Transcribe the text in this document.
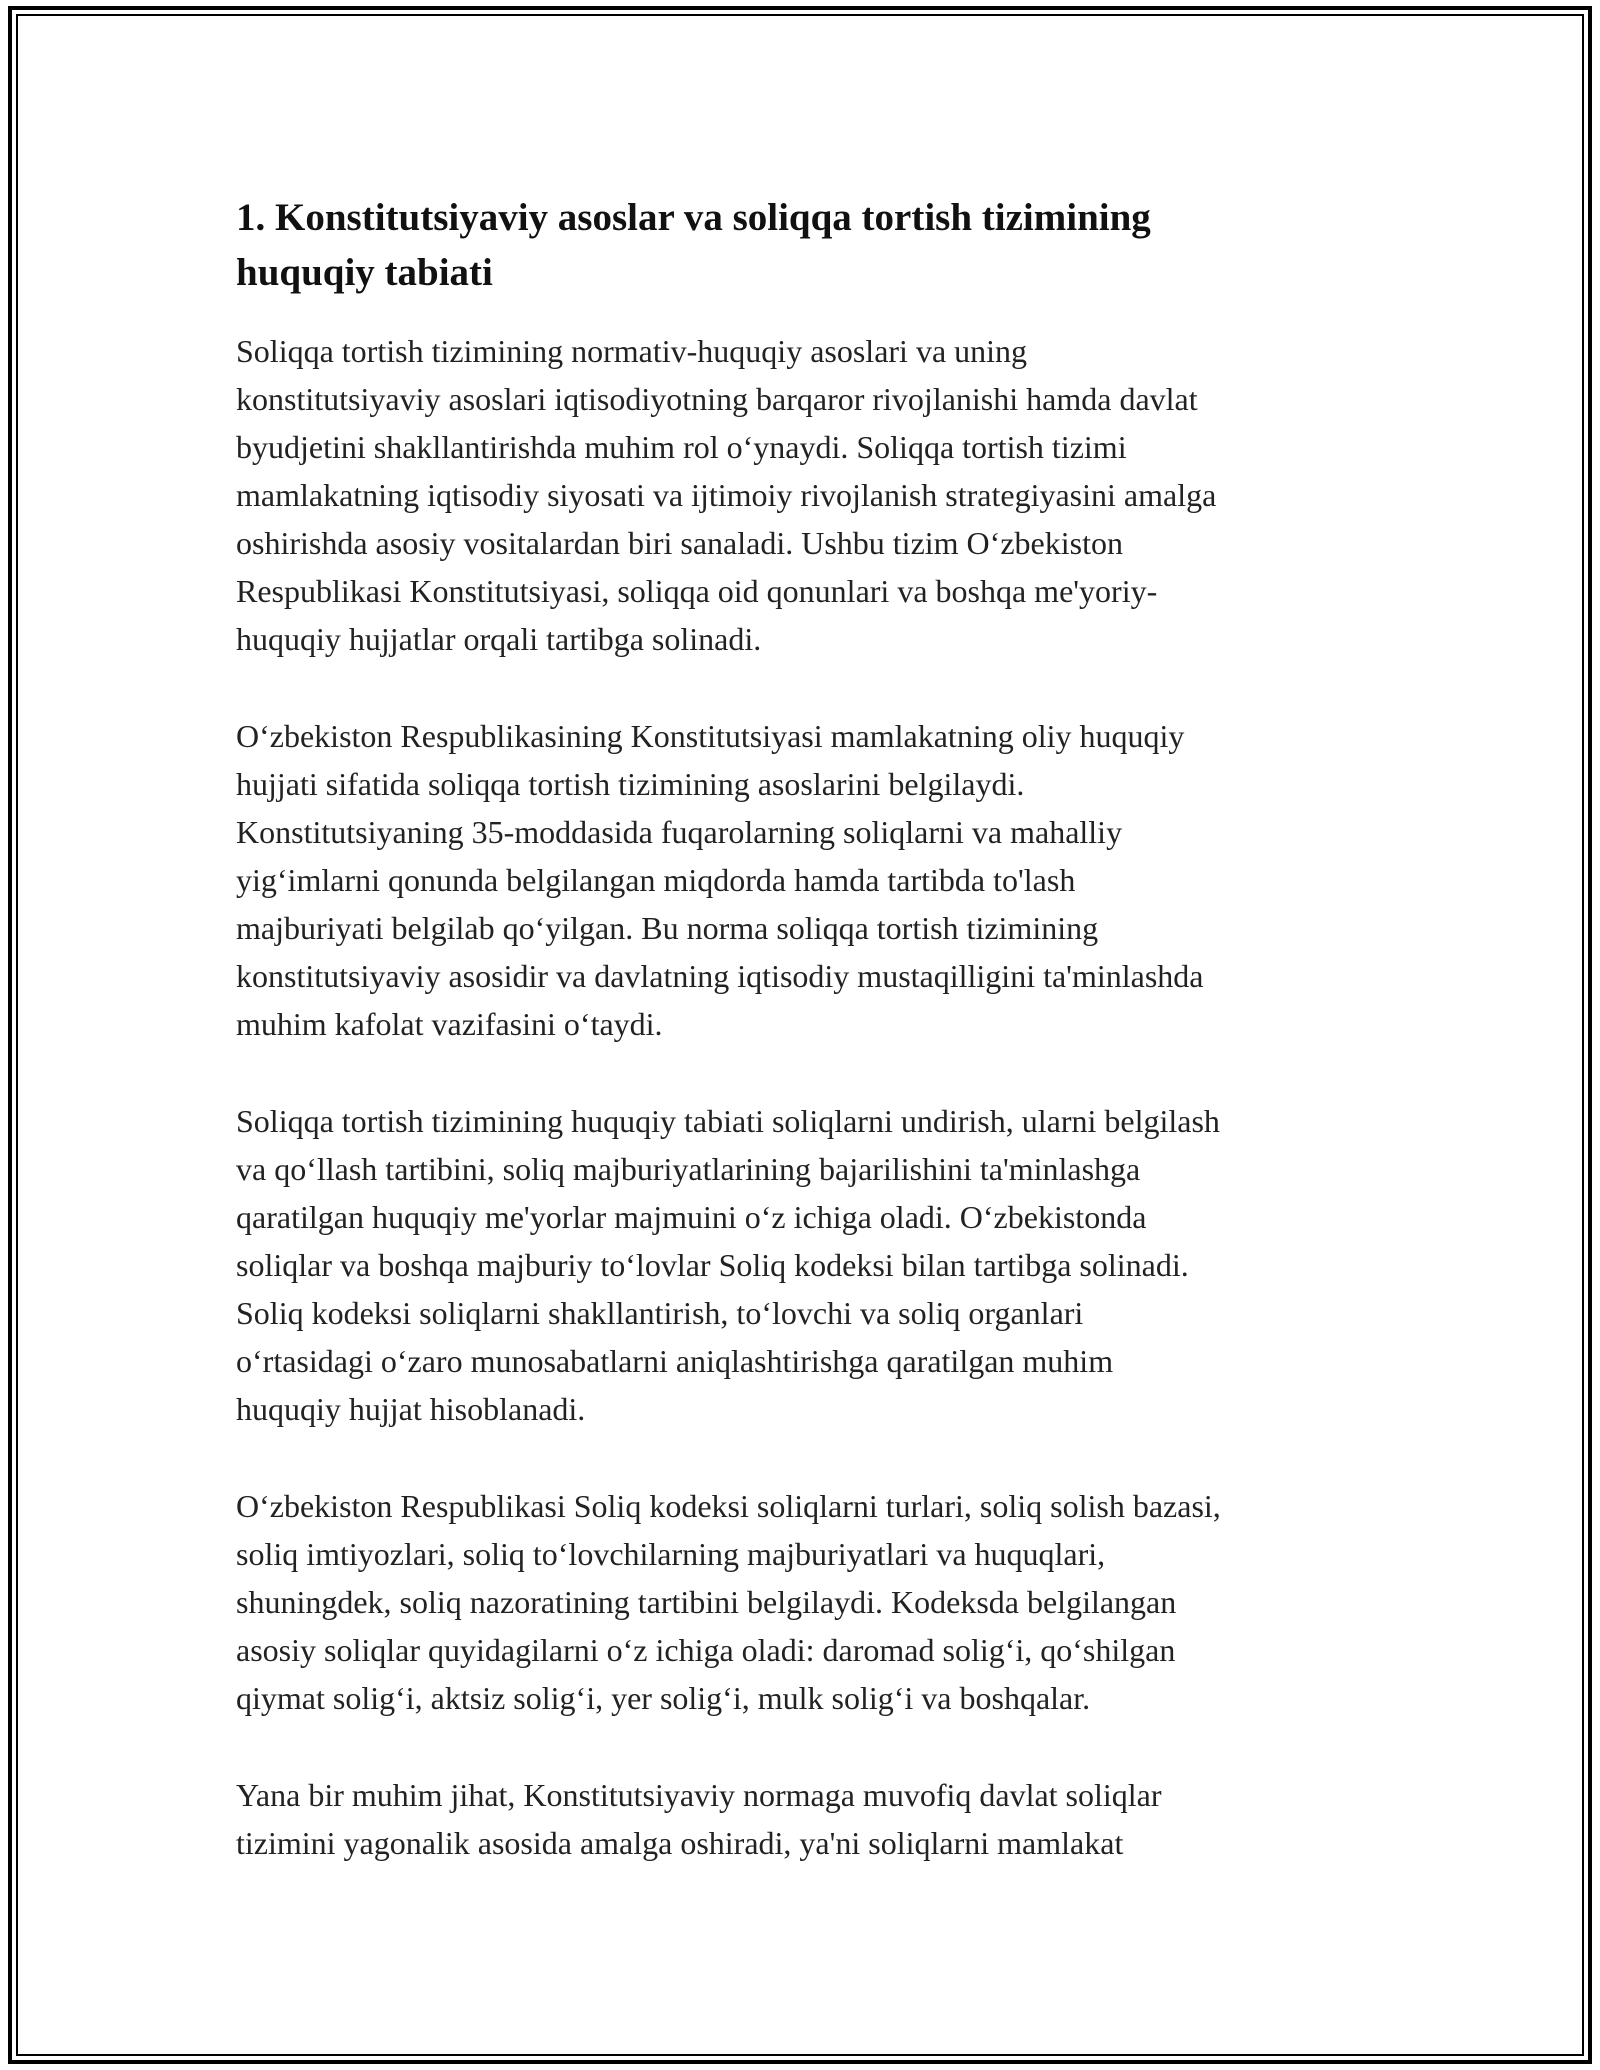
1. Konstitutsiyaviy asoslar va soliqqa tortish tizimining
huquqiy tabiati

Soliqqa tortish tizimining normativ-huquqiy asoslari va uning
konstitutsiyaviy asoslari iqtisodiyotning barqaror rivojlanishi hamda davlat
byudjetini shakllantirishda muhim rol o‘ynaydi. Soliqqa tortish tizimi
mamlakatning iqtisodiy siyosati va ijtimoiy rivojlanish strategiyasini amalga
oshirishda asosiy vositalardan biri sanaladi. Ushbu tizim O‘zbekiston
Respublikasi Konstitutsiyasi, soliqqa oid qonunlari va boshqa me'yoriy-
huquqiy hujjatlar orqali tartibga solinadi.

O‘zbekiston Respublikasining Konstitutsiyasi mamlakatning oliy huquqiy
hujjati sifatida soliqqa tortish tizimining asoslarini belgilaydi.
Konstitutsiyaning 35-moddasida fuqarolarning soliqlarni va mahalliy
yig‘imlarni qonunda belgilangan miqdorda hamda tartibda to'lash
majburiyati belgilab qo‘yilgan. Bu norma soliqqa tortish tizimining
konstitutsiyaviy asosidir va davlatning iqtisodiy mustaqilligini ta'minlashda
muhim kafolat vazifasini o‘taydi.

Soliqqa tortish tizimining huquqiy tabiati soliqlarni undirish, ularni belgilash
va qo‘llash tartibini, soliq majburiyatlarining bajarilishini ta'minlashga
qaratilgan huquqiy me'yorlar majmuini o‘z ichiga oladi. O‘zbekistonda
soliqlar va boshqa majburiy to‘lovlar Soliq kodeksi bilan tartibga solinadi.
Soliq kodeksi soliqlarni shakllantirish, to‘lovchi va soliq organlari
o‘rtasidagi o‘zaro munosabatlarni aniqlashtirishga qaratilgan muhim
huquqiy hujjat hisoblanadi.

O‘zbekiston Respublikasi Soliq kodeksi soliqlarni turlari, soliq solish bazasi,
soliq imtiyozlari, soliq to‘lovchilarning majburiyatlari va huquqlari,
shuningdek, soliq nazoratining tartibini belgilaydi. Kodeksda belgilangan
asosiy soliqlar quyidagilarni o‘z ichiga oladi: daromad solig‘i, qo‘shilgan
qiymat solig‘i, aktsiz solig‘i, yer solig‘i, mulk solig‘i va boshqalar.

Yana bir muhim jihat, Konstitutsiyaviy normaga muvofiq davlat soliqlar
tizimini yagonalik asosida amalga oshiradi, ya'ni soliqlarni mamlakat
